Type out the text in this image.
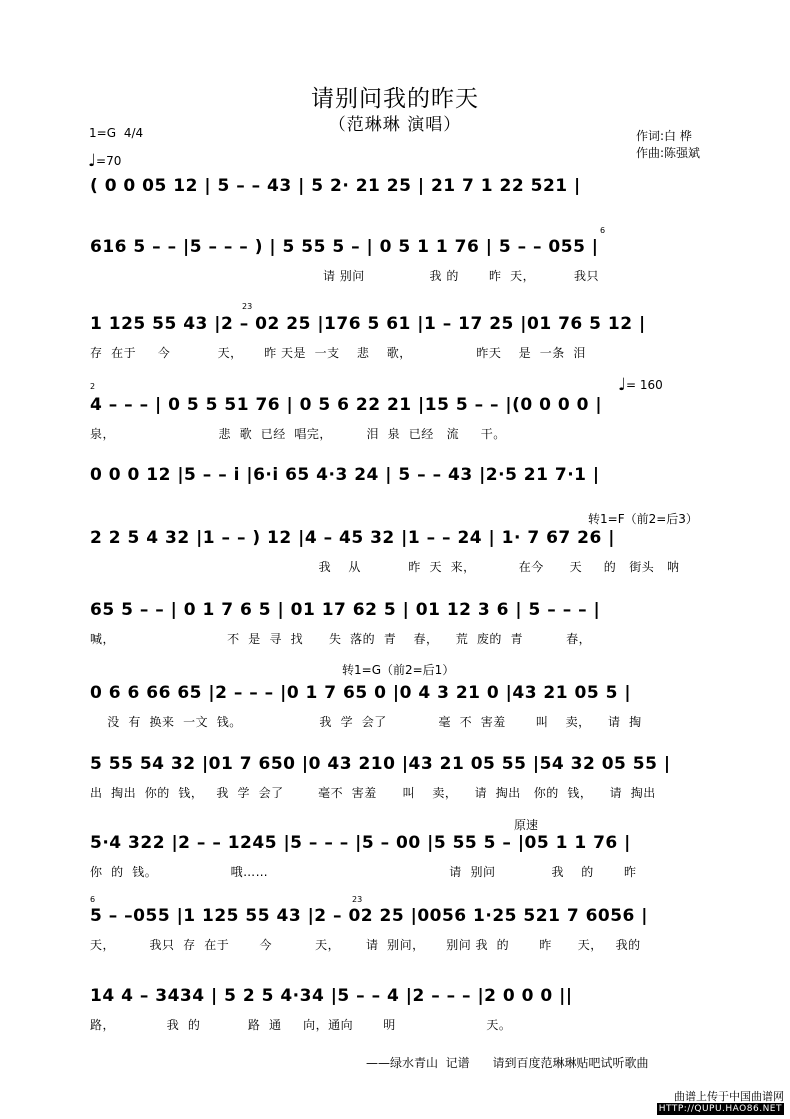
请别问我的昨天
（范琳琳 演唱）
1=G 4/4
♩=70
作词:白 桦
作曲:陈强斌
( 0 0 05 12 | 5 – – 43 | 5 2· 21 25 | 21 7 1 22 521 |
616 5 – – |5 – – – ) | 5 55 5 – | 0 5 1 1 76 | 5 – – 055 |
请 别问               我 的       昨  天，         我只
1 125 55 43 |2 – 02 25 |176 5 61 |1 – 17 25 |01 76 5 12 |
存  在于     今           天，     昨 天是  一支    悲    歌，               昨天    是  一条  泪
4 – – – | 0 5 5 51 76 | 0 5 6 22 21 |15 5 – – |(0 0 0 0 |
泉，                        悲  歌  已经  唱完，        泪  泉  已经   流     干。
♩= 160
0 0 0 12 |5 – – i |6·i 65 4·3 24 | 5 – – 43 |2·5 21 7·1 |
转1=F（前2=后3）
2 2 5 4 32 |1 – – ) 12 |4 – 45 32 |1 – – 24 | 1· 7 67 26 |
我    从           昨  天  来，          在今      天     的   街头   呐
65 5 – – | 0 1 7 6 5 | 01 17 62 5 | 01 12 3 6 | 5 – – – |
喊，                          不  是  寻  找      失  落的  青    春，    荒  废的  青          春，
转1=G（前2=后1）
0 6 6 66 65 |2 – – – |0 1 7 65 0 |0 4 3 21 0 |43 21 05 5 |
没  有  换来  一文  钱。                  我  学  会了            毫  不  害羞       叫    卖，    请  掏
5 55 54 32 |01 7 650 |0 43 210 |43 21 05 55 |54 32 05 55 |
出  掏出  你的  钱，   我  学  会了        毫不  害羞      叫    卖，    请  掏出   你的  钱，    请  掏出
原速
5·4 322 |2 – – 1245 |5 – – – |5 – 00 |5 55 5 – |05 1 1 76 |
你  的  钱。                 哦……                                          请  别问             我    的       昨
5 – –055 |1 125 55 43 |2 – 02 25 |0056 1·25 521 7 6056 |
天，        我只  存  在于       今          天，      请  别问，     别问 我  的       昨      天，   我的
14 4 – 3434 | 5 2 5 4·34 |5 – – 4 |2 – – – |2 0 0 0 ||
路，            我  的           路  通     向，通向       明                     天。
6
23
2
6	23
——绿水青山  记谱 请到百度范琳琳贴吧试听歌曲
曲谱上传于中国曲谱网
HTTP://QUPU.HAO86.NET
